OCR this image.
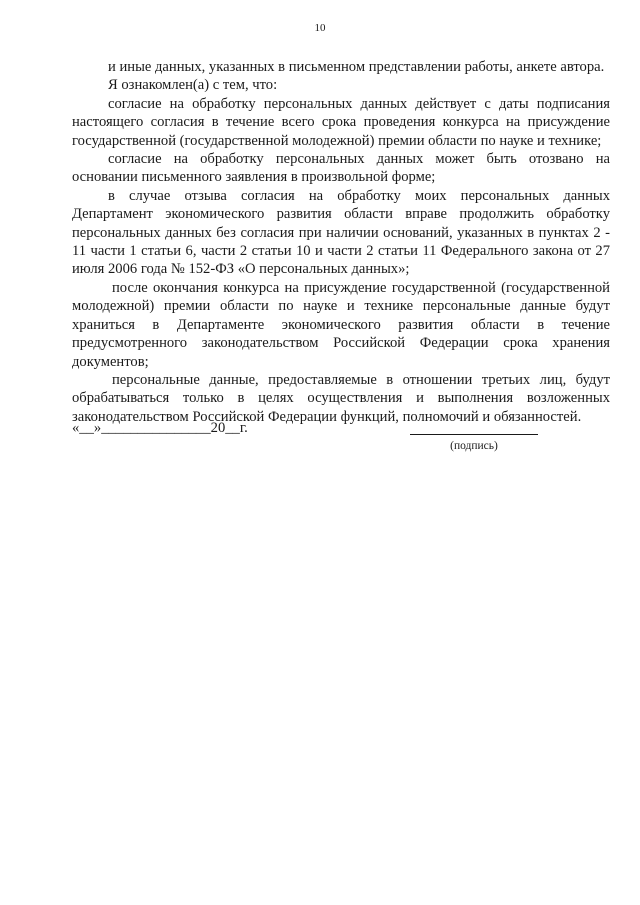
10

и иные данных, указанных в письменном представлении работы, анкете автора.

Я ознакомлен(а) с тем, что:

согласие на обработку персональных данных действует с даты подписания настоящего согласия в течение всего срока проведения конкурса на присуждение государственной (государственной молодежной) премии области по науке и технике;

согласие на обработку персональных данных может быть отозвано на основании письменного заявления в произвольной форме;

в случае отзыва согласия на обработку моих персональных данных Департамент экономического развития области вправе продолжить обработку персональных данных без согласия при наличии оснований, указанных в пунктах 2 - 11 части 1 статьи 6, части 2 статьи 10 и части 2 статьи 11 Федерального закона от 27 июля 2006 года № 152-ФЗ «О персональных данных»;

после окончания конкурса на присуждение государственной (государственной молодежной) премии области по науке и технике персональные данные будут храниться в Департаменте экономического развития области в течение предусмотренного законодательством Российской Федерации срока хранения документов;

персональные данные, предоставляемые в отношении третьих лиц, будут обрабатываться только в целях осуществления и выполнения возложенных законодательством Российской Федерации функций, полномочий и обязанностей.

«__»_______________20__г.
(подпись)
